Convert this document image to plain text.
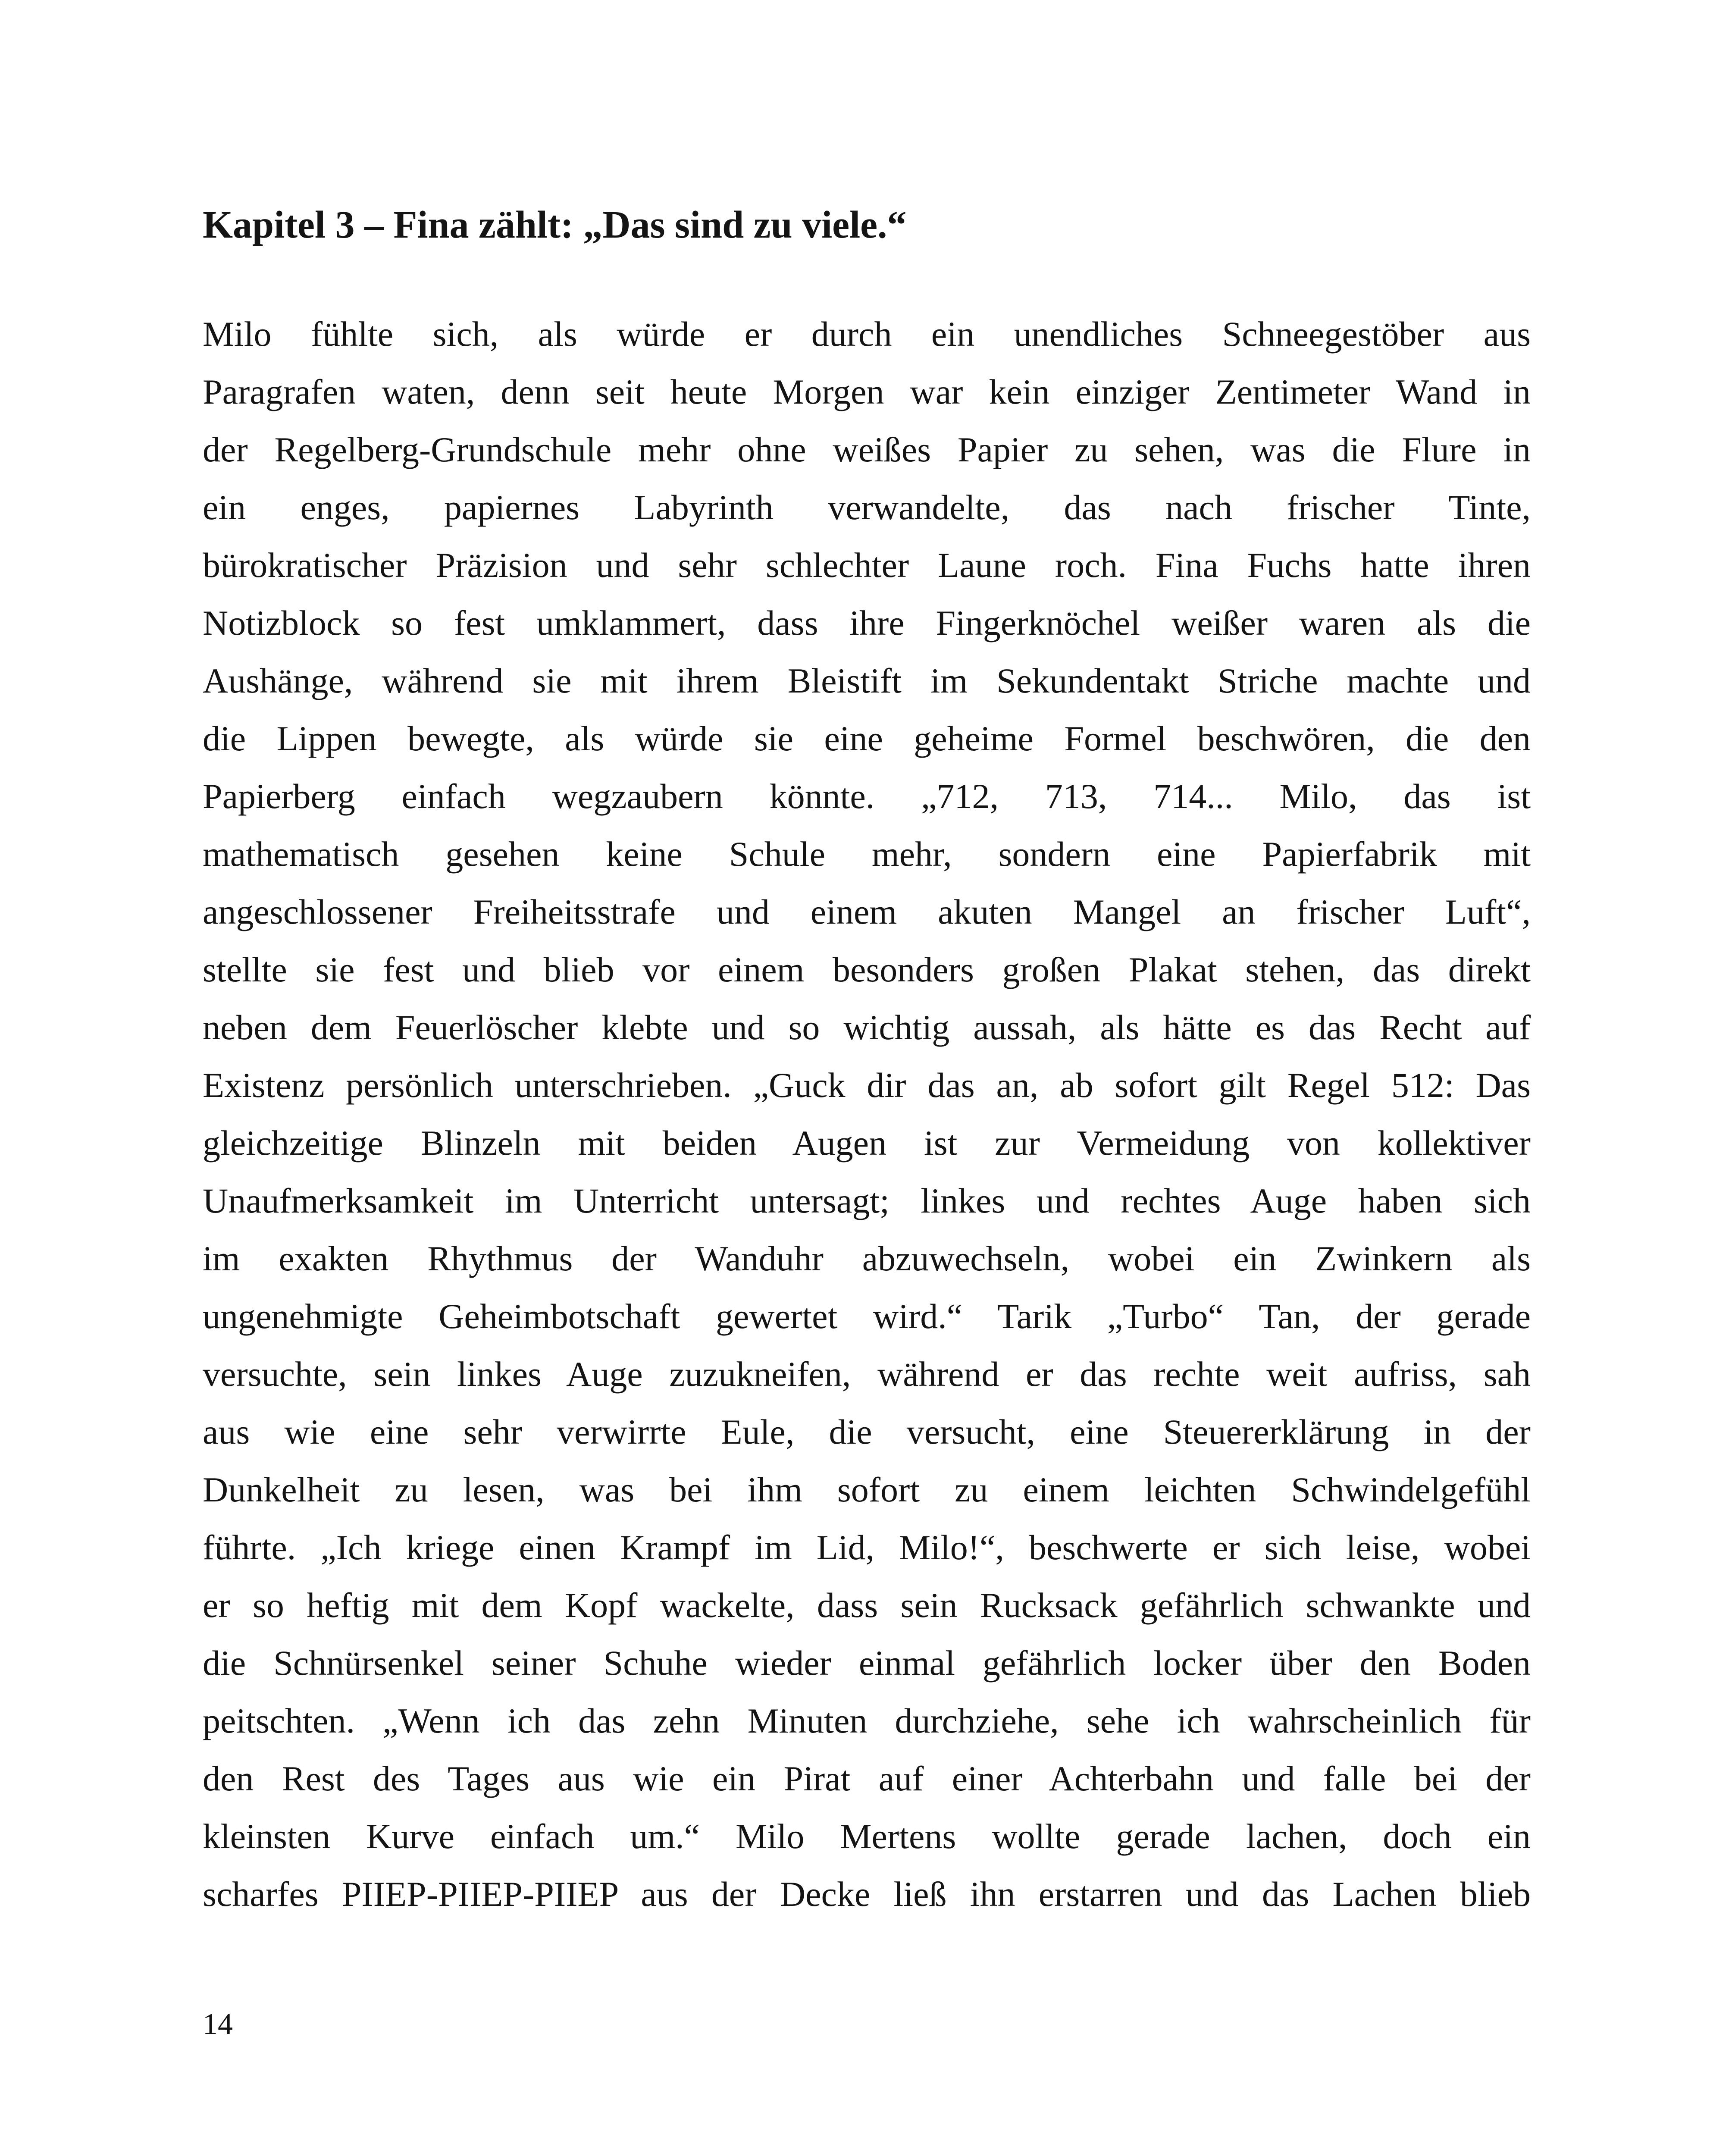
Kapitel 3 – Fina zählt: „Das sind zu viele.“
Milo fühlte sich, als würde er durch ein unendliches Schneegestöber aus
Paragrafen waten, denn seit heute Morgen war kein einziger Zentimeter Wand in
der Regelberg-Grundschule mehr ohne weißes Papier zu sehen, was die Flure in
ein enges, papiernes Labyrinth verwandelte, das nach frischer Tinte,
bürokratischer Präzision und sehr schlechter Laune roch. Fina Fuchs hatte ihren
Notizblock so fest umklammert, dass ihre Fingerknöchel weißer waren als die
Aushänge, während sie mit ihrem Bleistift im Sekundentakt Striche machte und
die Lippen bewegte, als würde sie eine geheime Formel beschwören, die den
Papierberg einfach wegzaubern könnte. „712, 713, 714... Milo, das ist
mathematisch gesehen keine Schule mehr, sondern eine Papierfabrik mit
angeschlossener Freiheitsstrafe und einem akuten Mangel an frischer Luft“,
stellte sie fest und blieb vor einem besonders großen Plakat stehen, das direkt
neben dem Feuerlöscher klebte und so wichtig aussah, als hätte es das Recht auf
Existenz persönlich unterschrieben. „Guck dir das an, ab sofort gilt Regel 512: Das
gleichzeitige Blinzeln mit beiden Augen ist zur Vermeidung von kollektiver
Unaufmerksamkeit im Unterricht untersagt; linkes und rechtes Auge haben sich
im exakten Rhythmus der Wanduhr abzuwechseln, wobei ein Zwinkern als
ungenehmigte Geheimbotschaft gewertet wird.“ Tarik „Turbo“ Tan, der gerade
versuchte, sein linkes Auge zuzukneifen, während er das rechte weit aufriss, sah
aus wie eine sehr verwirrte Eule, die versucht, eine Steuererklärung in der
Dunkelheit zu lesen, was bei ihm sofort zu einem leichten Schwindelgefühl
führte. „Ich kriege einen Krampf im Lid, Milo!“, beschwerte er sich leise, wobei
er so heftig mit dem Kopf wackelte, dass sein Rucksack gefährlich schwankte und
die Schnürsenkel seiner Schuhe wieder einmal gefährlich locker über den Boden
peitschten. „Wenn ich das zehn Minuten durchziehe, sehe ich wahrscheinlich für
den Rest des Tages aus wie ein Pirat auf einer Achterbahn und falle bei der
kleinsten Kurve einfach um.“ Milo Mertens wollte gerade lachen, doch ein
scharfes PIIEP-PIIEP-PIIEP aus der Decke ließ ihn erstarren und das Lachen blieb
14
